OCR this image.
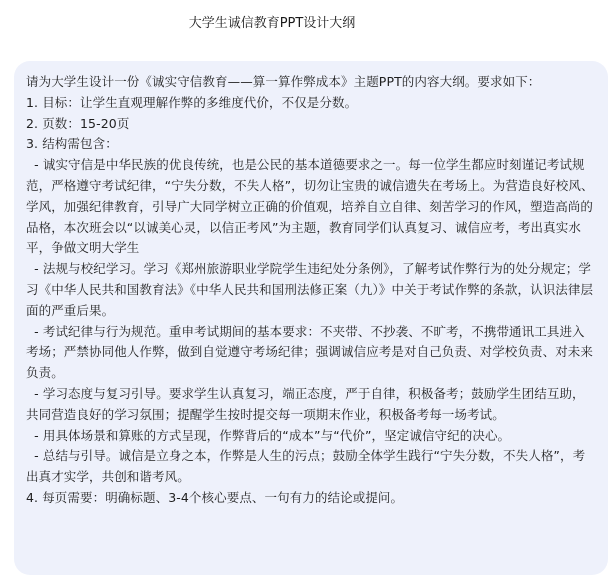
大学生诚信教育PPT设计大纲

请为大学生设计一份《诚实守信教育——算一算作弊成本》主题PPT的内容大纲。要求如下：

1. 目标：让学生直观理解作弊的多维度代价，不仅是分数。
2. 页数：15-20页
3. 结构需包含：

- 诚实守信是中华民族的优良传统，也是公民的基本道德要求之一。每一位学生都应时刻谨记考试规范，严格遵守考试纪律，“宁失分数，不失人格”，切勿让宝贵的诚信遗失在考场上。为营造良好校风、学风，加强纪律教育，引导广大同学树立正确的价值观，培养自立自律、刻苦学习的作风，塑造高尚的品格，本次班会以“以诚美心灵，以信正考风”为主题，教育同学们认真复习、诚信应考，考出真实水平，争做文明大学生

- 法规与校纪学习。学习《郑州旅游职业学院学生违纪处分条例》，了解考试作弊行为的处分规定；学习《中华人民共和国教育法》《中华人民共和国刑法修正案（九）》中关于考试作弊的条款，认识法律层面的严重后果。

- 考试纪律与行为规范。重申考试期间的基本要求：不夹带、不抄袭、不旷考，不携带通讯工具进入考场；严禁协同他人作弊，做到自觉遵守考场纪律；强调诚信应考是对自己负责、对学校负责、对未来负责。

- 学习态度与复习引导。要求学生认真复习，端正态度，严于自律，积极备考；鼓励学生团结互助，共同营造良好的学习氛围；提醒学生按时提交每一项期末作业，积极备考每一场考试。

- 用具体场景和算账的方式呈现，作弊背后的“成本”与“代价”，坚定诚信守纪的决心。

- 总结与引导。诚信是立身之本，作弊是人生的污点；鼓励全体学生践行“宁失分数，不失人格”，考出真才实学，共创和谐考风。

4. 每页需要：明确标题、3-4个核心要点、一句有力的结论或提问。
